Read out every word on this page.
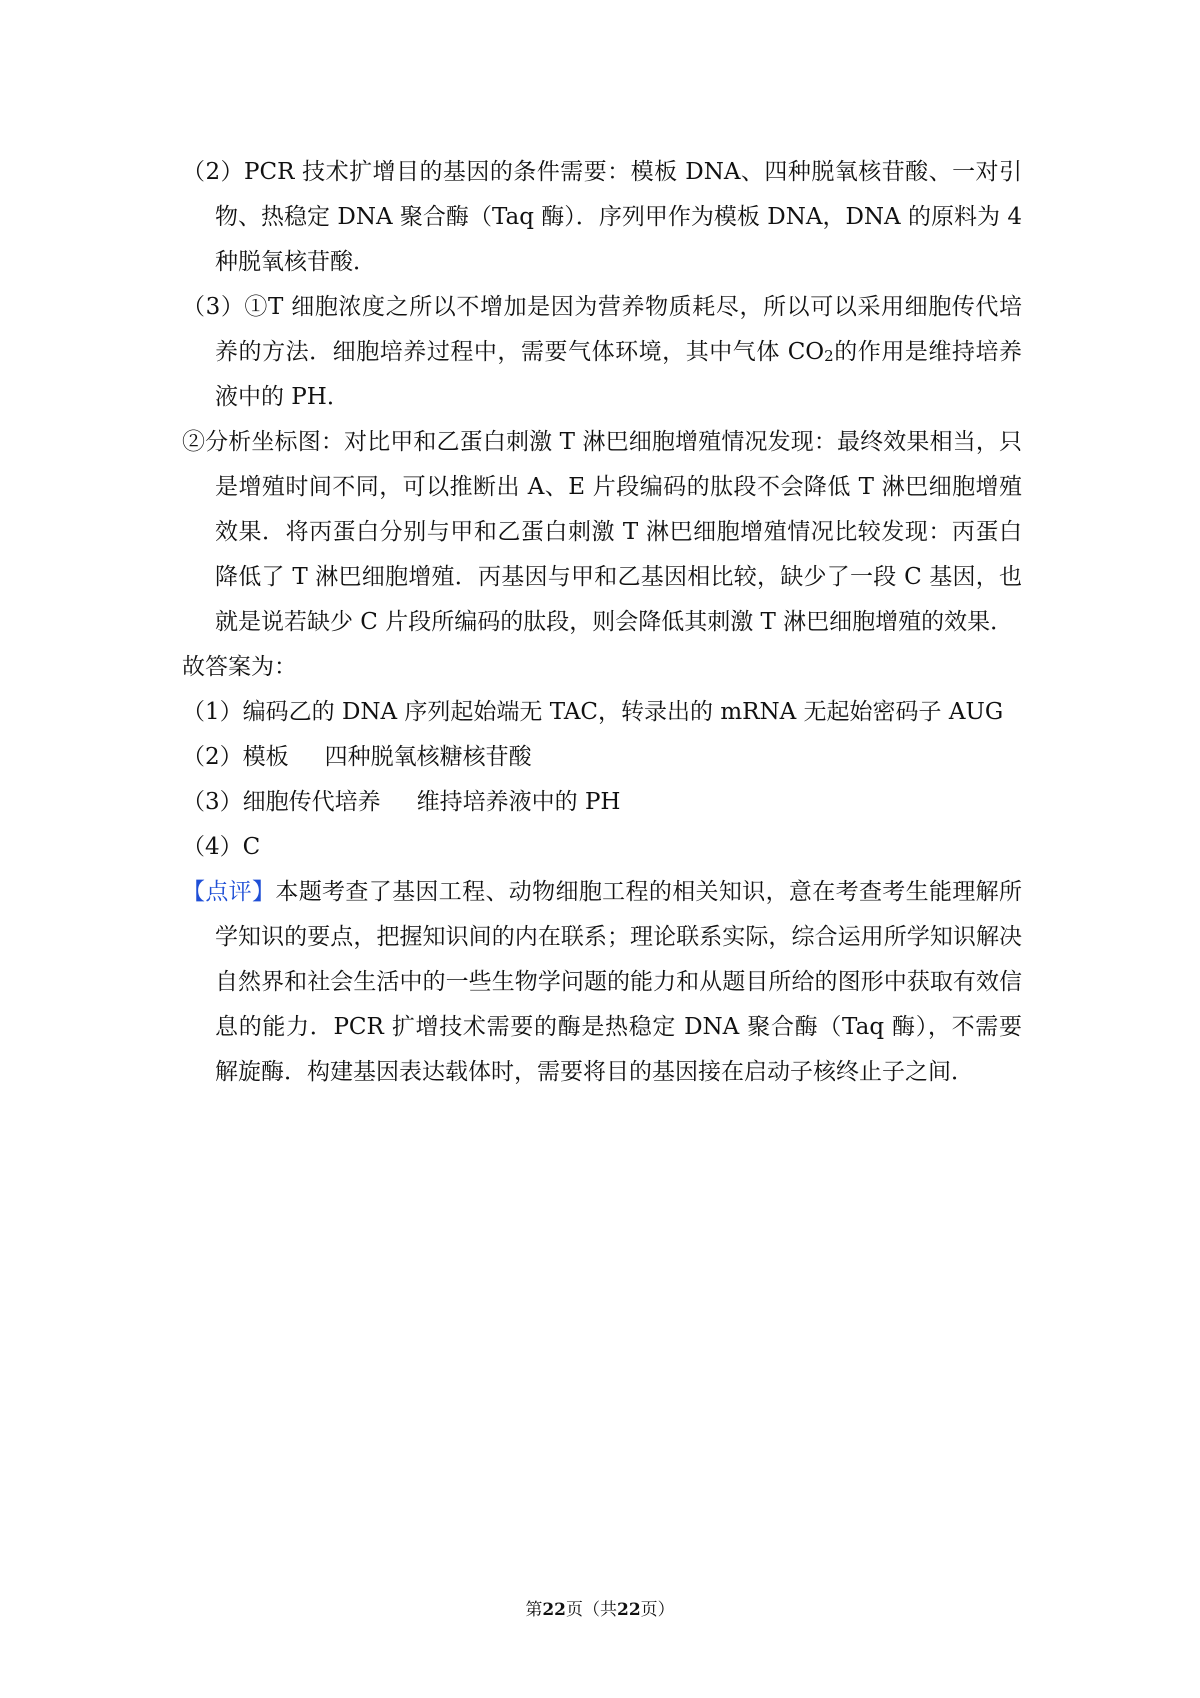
（2）PCR 技术扩增目的基因的条件需要：模板 DNA、四种脱氧核苷酸、一对引物、热稳定 DNA 聚合酶（Taq 酶）．序列甲作为模板 DNA，DNA 的原料为 4 种脱氧核苷酸．

（3）①T 细胞浓度之所以不增加是因为营养物质耗尽，所以可以采用细胞传代培养的方法．细胞培养过程中，需要气体环境，其中气体 $CO_2$的作用是维持培养液中的 PH．

②分析坐标图：对比甲和乙蛋白刺激 T 淋巴细胞增殖情况发现：最终效果相当，只是增殖时间不同，可以推断出 A、E 片段编码的肽段不会降低 T 淋巴细胞增殖效果．将丙蛋白分别与甲和乙蛋白刺激 T 淋巴细胞增殖情况比较发现：丙蛋白降低了 T 淋巴细胞增殖．丙基因与甲和乙基因相比较，缺少了一段 C 基因，也就是说若缺少 C 片段所编码的肽段，则会降低其刺激 T 淋巴细胞增殖的效果．

故答案为：

（1）编码乙的 DNA 序列起始端无 TAC，转录出的 mRNA 无起始密码子 AUG

（2）模板 四种脱氧核糖核苷酸

（3）细胞传代培养 维持培养液中的 PH

（4）C

【点评】本题考查了基因工程、动物细胞工程的相关知识，意在考查考生能理解所学知识的要点，把握知识间的内在联系；理论联系实际，综合运用所学知识解决自然界和社会生活中的一些生物学问题的能力和从题目所给的图形中获取有效信息的能力．PCR 扩增技术需要的酶是热稳定 DNA 聚合酶（Taq 酶），不需要解旋酶．构建基因表达载体时，需要将目的基因接在启动子核终止子之间．

第22页（共22页）
